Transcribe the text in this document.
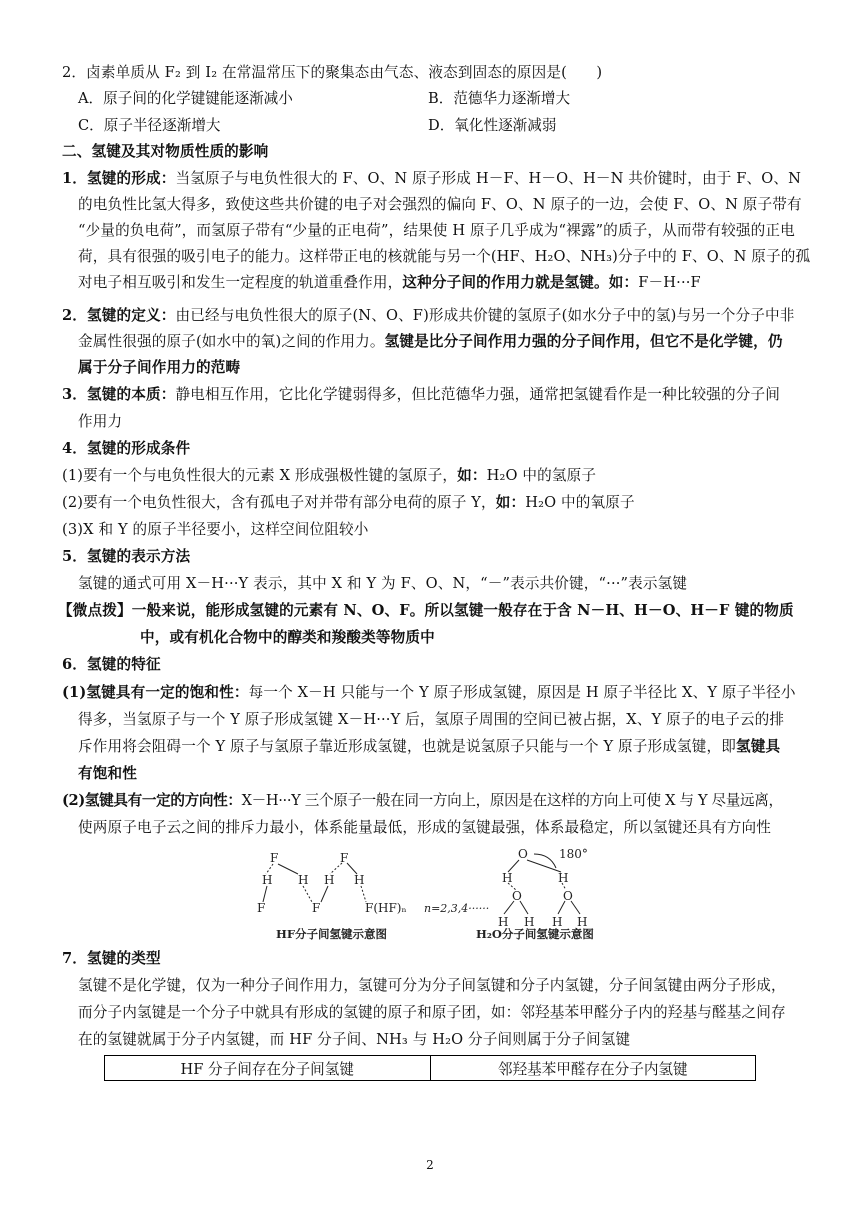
2．卤素单质从 F₂ 到 I₂ 在常温常压下的聚集态由气态、液态到固态的原因是(　　)
A．原子间的化学键键能逐渐减小	B．范德华力逐渐增大
C．原子半径逐渐增大	D．氧化性逐渐减弱
二、氢键及其对物质性质的影响
1．氢键的形成：当氢原子与电负性很大的 F、O、N 原子形成 H－F、H－O、H－N 共价键时，由于 F、O、N
的电负性比氢大得多，致使这些共价键的电子对会强烈的偏向 F、O、N 原子的一边，会使 F、O、N 原子带有
“少量的负电荷”，而氢原子带有“少量的正电荷”，结果使 H 原子几乎成为“裸露”的质子，从而带有较强的正电
荷，具有很强的吸引电子的能力。这样带正电的核就能与另一个(HF、H₂O、NH₃)分子中的 F、O、N 原子的孤
对电子相互吸引和发生一定程度的轨道重叠作用，这种分子间的作用力就是氢键。如：F－H···F
2．氢键的定义：由已经与电负性很大的原子(N、O、F)形成共价键的氢原子(如水分子中的氢)与另一个分子中非
金属性很强的原子(如水中的氧)之间的作用力。氢键是比分子间作用力强的分子间作用，但它不是化学键，仍
属于分子间作用力的范畴
3．氢键的本质：静电相互作用，它比化学键弱得多，但比范德华力强，通常把氢键看作是一种比较强的分子间
作用力
4．氢键的形成条件
(1)要有一个与电负性很大的元素 X 形成强极性键的氢原子，如：H₂O 中的氢原子
(2)要有一个电负性很大，含有孤电子对并带有部分电荷的原子 Y，如：H₂O 中的氧原子
(3)X 和 Y 的原子半径要小，这样空间位阻较小
5．氢键的表示方法
氢键的通式可用 X－H···Y 表示，其中 X 和 Y 为 F、O、N，“－”表示共价键，“···”表示氢键
【微点拨】一般来说，能形成氢键的元素有 N、O、F。所以氢键一般存在于含 N－H、H－O、H－F 键的物质
中，或有机化合物中的醇类和羧酸类等物质中
6．氢键的特征
(1)氢键具有一定的饱和性：每一个 X－H 只能与一个 Y 原子形成氢键，原因是 H 原子半径比 X、Y 原子半径小
得多，当氢原子与一个 Y 原子形成氢键 X－H···Y 后，氢原子周围的空间已被占据，X、Y 原子的电子云的排
斥作用将会阻碍一个 Y 原子与氢原子靠近形成氢键，也就是说氢原子只能与一个 Y 原子形成氢键，即氢键具
有饱和性
(2)氢键具有一定的方向性：X－H···Y 三个原子一般在同一方向上，原因是在这样的方向上可使 X 与 Y 尽量远离，
使两原子电子云之间的排斥力最小，体系能量最低，形成的氢键最强，体系最稳定，所以氢键还具有方向性
F
H H H
F
H
F	F	F(HF)ₙ n=2,3,4······
HF分子间氢键示意图
O
H	H
180°
O	O
H H H H
H₂O分子间氢键示意图
7．氢键的类型
氢键不是化学键，仅为一种分子间作用力，氢键可分为分子间氢键和分子内氢键，分子间氢键由两分子形成，
而分子内氢键是一个分子中就具有形成的氢键的原子和原子团，如：邻羟基苯甲醛分子内的羟基与醛基之间存
在的氢键就属于分子内氢键，而 HF 分子间、NH₃ 与 H₂O 分子间则属于分子间氢键
HF 分子间存在分子间氢键	邻羟基苯甲醛存在分子内氢键
2
